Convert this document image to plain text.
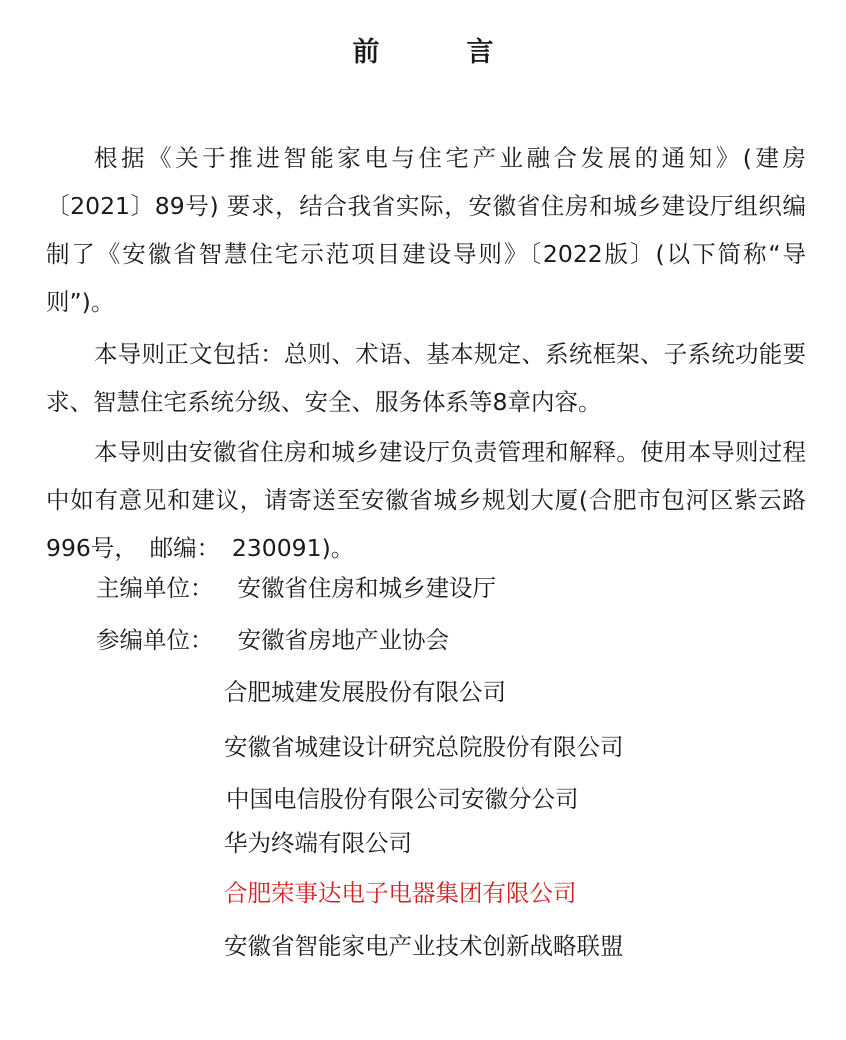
前　言

根据《关于推进智能家电与住宅产业融合发展的通知》(建房〔2021〕89号) 要求，结合我省实际，安徽省住房和城乡建设厅组织编制了《安徽省智慧住宅示范项目建设导则》〔2022版〕(以下简称“导则”)。

本导则正文包括：总则、术语、基本规定、系统框架、子系统功能要求、智慧住宅系统分级、安全、服务体系等8章内容。

本导则由安徽省住房和城乡建设厅负责管理和解释。使用本导则过程中如有意见和建议，请寄送至安徽省城乡规划大厦(合肥市包河区紫云路996号，　邮编：　230091)。

主编单位： 安徽省住房和城乡建设厅
参编单位： 安徽省房地产业协会
合肥城建发展股份有限公司
安徽省城建设计研究总院股份有限公司
中国电信股份有限公司安徽分公司
华为终端有限公司
合肥荣事达电子电器集团有限公司
安徽省智能家电产业技术创新战略联盟
